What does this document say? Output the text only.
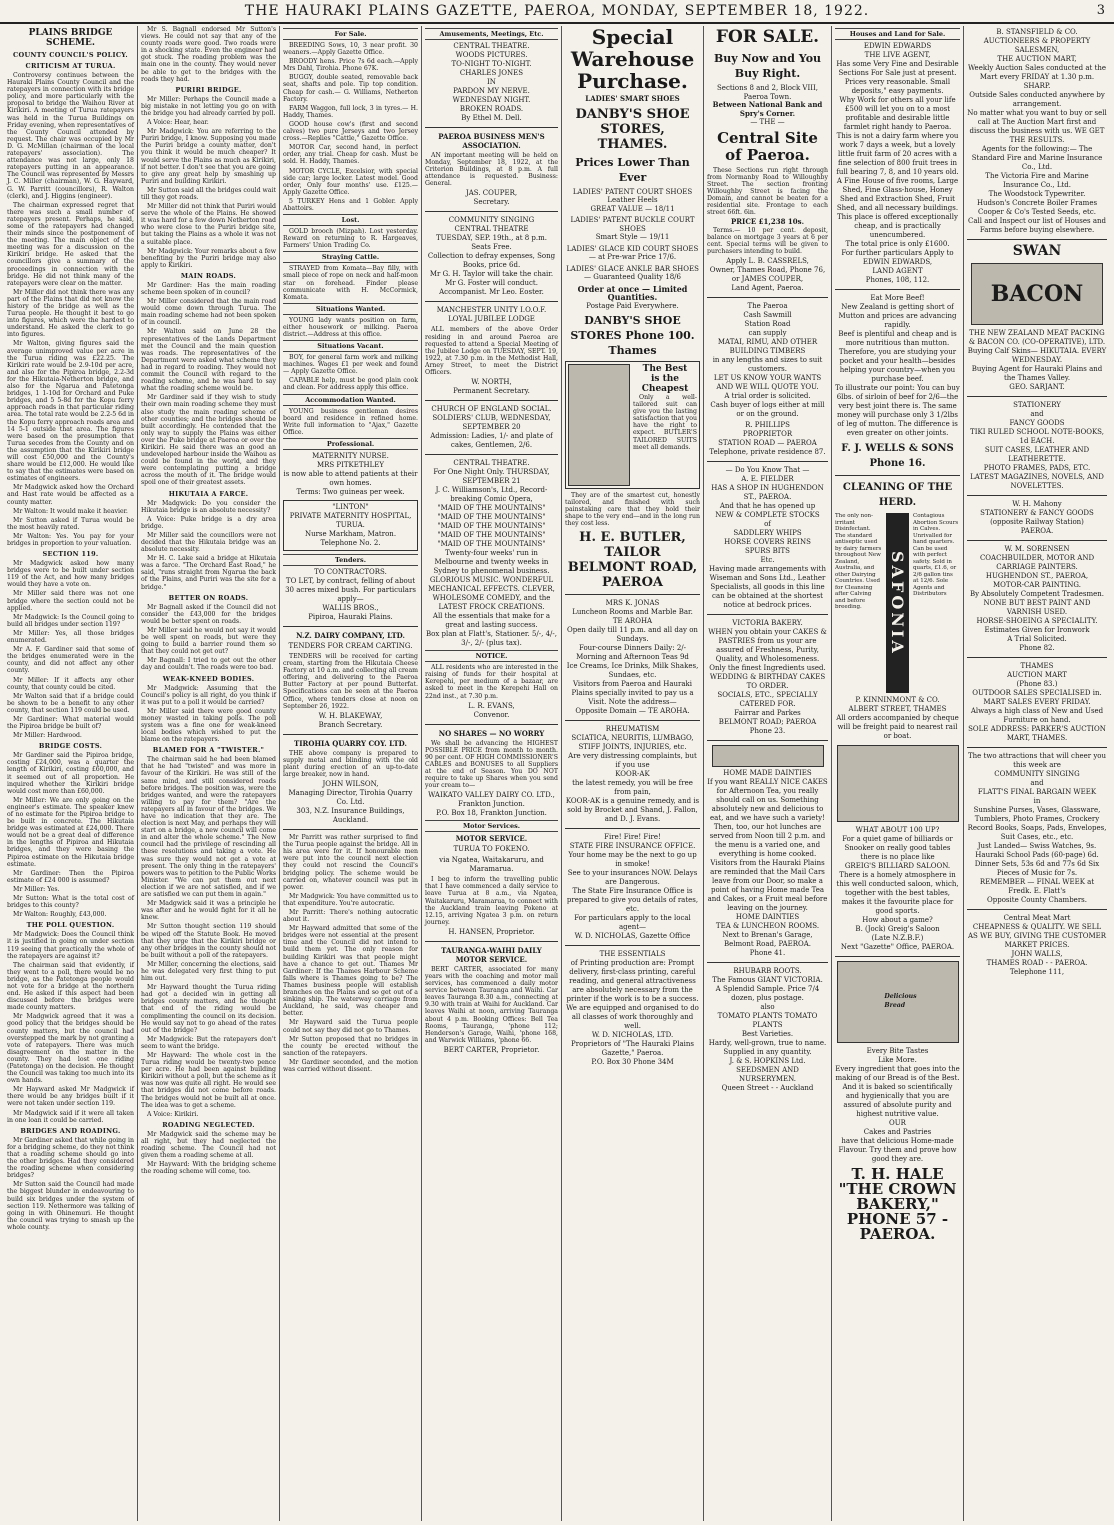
THE HAURAKI PLAINS GAZETTE, PAEROA, MONDAY, SEPTEMBER 18, 1922.	3
PLAINS BRIDGE SCHEME.
COUNTY COUNCIL'S POLICY.
CRITICISM AT TURUA.

Controversy continues between the Hauraki Plains County Council and the ratepayers in connection with its bridge policy, and more particularly with the proposal to bridge the Waihou River at Kirikiri. A meeting of Turua ratepayers was held in the Turua Buildings on Friday evening, when representatives of the County Council attended by request. The chair was occupied by Mr D. G. McMillan (chairman of the local ratepayers' association). The attendance was not large, only 18 ratepayers putting in an appearance. The Council was represented by Messrs J. C. Miller (chairman), W. G. Hayward, G. W. Parritt (councillors), R. Walton (clerk), and J. Higgins (engineer).

The chairman expressed regret that there was such a small number of ratepayers present. Perhaps, he said, some of the ratepayers had changed their minds since the postponement of the meeting. The main object of the meeting was for a discussion on the Kirikiri bridge. He asked that the councillors give a summary of the proceedings in connection with the bridge. He did not think many of the ratepayers were clear on the matter.

Mr Miller did not think there was any part of the Plains that did not know the history of the bridge as well as the Turua people. He thought it best to go into figures, which were the hardest to understand. He asked the clerk to go into figures.

Mr Walton, giving figures said the average unimproved value per acre in the Turua riding was £22.25. The Kirikiri rate would be 2.9-10d per acre, and also for the Pipiroa bridge, 2.2-3d for the Hikutaia-Netherton bridge, and also for the Ngarua and Patetonga bridges, 1 1-10d for Orchard and Puke bridges, and 5 5-8d for the Kopu ferry approach roads in that particular riding area. The total rate would be 2.2-5 6d in the Kopu ferry approach roads area and 14 5-1 outside that area. The figures were based on the presumption that Turua secedes from the County and on the assumption that the Kirikiri bridge will cost £50,000 and the County's share would be £12,000. He would like to say that the estimates were based on estimates of engineers.

Mr Madgwick asked how the Orchard and Hast rate would be affected as a county matter.

Mr Walton: It would make it heavier.

Mr Sutton asked if Turua would be the most heavily rated.

Mr Walton: Yes. You pay for your bridges in proportion to your valuation.

SECTION 119.

Mr Madgwick asked how many bridges were to be built under section 119 of the Act, and how many bridges would they have a vote on.

Mr Miller said there was not one bridge where the section could not be applied.

Mr Madgwick: Is the Council going to build all bridges under section 119?

Mr Miller: Yes, all those bridges enumerated.

Mr A. F. Gardiner said that some of the bridges enumerated were in the county, and did not affect any other county.

Mr Miller: If it affects any other county, that county could be cited.

Mr Walton said that if a bridge could be shown to be a benefit to any other county, that section 119 could be used.

Mr Gardiner: What material would the Pipiroa bridge be built of?

Mr Miller: Hardwood.

BRIDGE COSTS.

Mr Gardiner said the Pipiroa bridge, costing £24,000, was a quarter the length of Kirikiri, costing £60,000, and it seemed out of all proportion. He inquired whether the Kirikiri bridge would cost more than £60,000.

Mr Miller: We are only going on the engineer's estimate. The speaker knew of no estimate for the Pipiroa bridge to be built in concrete. The Hikutaia bridge was estimated at £24,000. There would not be a great deal of difference in the lengths of Pipiroa and Hikutaia bridges, and they were basing the Pipiroa estimate on the Hikutaia bridge estimate.

Mr Gardiner: Then the Pipiroa estimate of £24 000 is assumed?

Mr Miller: Yes.

Mr Sutton: What is the total cost of bridges to this county?

Mr Walton: Roughly, £43,000.

THE POLL QUESTION.

Mr Madgwick: Does the Council think it is justified in going on under section 119 seeing that practically the whole of the ratepayers are against it?

The chairman said that evidently, if they went to a poll, there would be no bridge, as the Patetonga people would not vote for a bridge at the northern end. He asked if this aspect had been discussed before the bridges were made county matters.

Mr Madgwick agreed that it was a good policy that the bridges should be county matters, but the council had overstepped the mark by not granting a vote of ratepayers. There was much disagreement on the matter in the county. They had lost one riding (Patetonga) on the decision. He thought the Council was taking too much into its own hands.

Mr Hayward asked Mr Madgwick if there would be any bridges built if it were not taken under section 119.

Mr Madgwick said if it were all taken in one loan it could be carried.

BRIDGES AND ROADING.

Mr Gardiner asked that while going in for a bridging scheme, do they not think that a roading scheme should go into the other bridges. Had they considered the roading scheme when considering bridges?

Mr Sutton said the Council had made the biggest blunder in endeavouring to build six bridges under the system of section 119. Nethermore was talking of going in with Ohinemuri. He thought the council was trying to smash up the whole county.

Mr S. Bagnall endorsed Mr Sutton's views. He could not say that any of the county roads were good. Two roads were in a shocking state. Even the engineer had got stuck. The roading problem was the main one in the county. They would never be able to get to the bridges with the roads they had.

PURIRI BRIDGE.

Mr Miller: Perhaps the Council made a big mistake in not letting you go on with the bridge you had already carried by poll.

A Voice: Hear, hear.

Mr Madgwick: You are referring to the Puriri bridge, I know. Supposing you made the Puriri bridge a county matter, don't you think it would be much cheaper? It would serve the Plains as much as Kirikiri, if not better. I don't see that you are going to give any great help by smashing up Puriri and building Kirikiri.

Mr Sutton said all the bridges could wait till they got roads.

Mr Miller did not think that Puriri would serve the whole of the Plains. He showed it was hard for a few down Netherton road who were close to the Puriri bridge site, but taking the Plains as a whole it was not a suitable place.

Mr Madgwick: Your remarks about a few benefiting by the Puriri bridge may also apply to Kirikiri.

MAIN ROADS.

Mr Gardiner: Has the main roading scheme been spoken of in council?

Mr Miller considered that the main road would come down through Turua. The main roading scheme had not been spoken of in council.

Mr Walton said on June 28 the representatives of the Lands Department met the Council and the main question was roads. The representatives of the Department were asked what scheme they had in regard to roading. They would not commit the Council with regard to the roading scheme, and he was hard to say what the roading scheme would be.

Mr Gardiner said if they wish to study their own main roading scheme they must also study the main roading scheme of other counties; and the bridges should be built accordingly. He contended that the only way to supply the Plains was either over the Puke bridge at Paeroa or over the Kirikiri. He said there was an good an undeveloped harbour inside the Waihou as could be found in the world, and they were contemplating putting a bridge across the mouth of it. The bridge would spoil one of their greatest assets.

HIKUTAIA A FARCE.

Mr Madgwick: Do you consider the Hikutaia bridge is an absolute necessity?

A Voice: Puke bridge is a dry area bridge.

Mr Miller said the councillors were not decided that the Hikutaia bridge was an absolute necessity.

Mr H. C. Lake said a bridge at Hikutaia was a farce. "The Orchard East Road," he said, "runs straight from Ngarua the back of the Plains, and Puriri was the site for a bridge."

BETTER ON ROADS.

Mr Bagnall asked if the Council did not consider the £43,000 for the bridges would be better spent on roads.

Mr Miller said he would not say it would be well spent on roads, but were they going to build a barrier round them so that they could not get out?

Mr Bagnall: I tried to get out the other day and couldn't. The roads were too bad.

WEAK-KNEED BODIES.

Mr Madgwick: Assuming that the Council's policy is all right, do you think if it was put to a poll it would be carried?

Mr Miller said there were good county money wasted in taking polls. The poll system was a fine one for weak-kneed local bodies which wished to put the blame on the ratepayers.

BLAMED FOR A "TWISTER."

The chairman said he had been blamed that he had "twisted" and was more in favour of the Kirikiri. He was still of the same mind, and still considered roads before bridges. The position was, were the bridges wanted, and were the ratepayers willing to pay for them? "Are the ratepayers all in favour of the bridges. We have no indication that they are. The election is next May, and perhaps they will start on a bridge, a new council will come in and alter the whole scheme." The New council had the privilege of rescinding all these resolutions and taking a vote. He was sure they would not get a vote at present. The only thing in the ratepayers' powers was to petition to the Public Works Minister. "We can put them out next election if we are not satisfied, and if we are satisfied we can put them in again."

Mr Madgwick said it was a principle he was after and he would fight for it all he knew.

Mr Sutton thought section 119 should be wiped off the Statute Book. He moved that they urge that the Kirikiri bridge or any other bridges in the county should not be built without a poll of the ratepayers.

Mr Miller, concerning the elections, said he was delegated very first thing to put him out.

Mr Hayward thought the Turua riding had got a decided win in getting all bridges county matters, and he thought that end of the riding would be complimenting the council on its decision. He would say not to go ahead of the rates out of the bridge?

Mr Madgwick: But the ratepayers don't seem to want the bridge.

Mr Hayward: The whole cost in the Turua riding would be twenty-two pence per acre. He had been against building Kirikiri without a poll, but the scheme as it was now was quite all right. He would see that bridges did not come before roads. The bridges would not be built all at once. The idea was to get a scheme.

A Voice: Kirikiri.

ROADING NEGLECTED.

Mr Madgwick said the scheme may be all right, but they had neglected the roading scheme. The Council had not given them a roading scheme at all.

Mr Hayward: With the bridging scheme the roading scheme will come, too.

For Sale.

BREEDING Sows, 10, 3 near profit. 30 weaners.—Apply Gazette Office.

BROODY hens. Price 7s 6d each.—Apply Mrs Dahl, Tirohia. Phone 67K.

BUGGY, double seated, removable back seat, shafts and pole. Tip top condition. Cheap for cash.— G. Williams, Netherton Factory.

FARM Waggon, full lock, 3 in tyres.— H. Haddy, Thames.

GOOD house cow's (first and second calves) two pure Jerseys and two Jersey cross.—Replies "Cattle," Gazette Office.

MOTOR Car, second hand, in perfect order, any trial. Cheap for cash. Must be sold. H. Haddy, Thames.

MOTOR CYCLE, Excelsior, with special side car; large locker. Latest model. Good order, Only four months' use. £125.—Apply Gazette Office.

5 TURKEY Hens and 1 Gobler. Apply Abattoirs.

Lost.

GOLD brooch (Mizpah). Lost yesterday. Reward on returning to R. Hargeaves, Farmers' Union Trading Co.

Straying Cattle.

STRAYED from Komata—Bay filly, with small piece of rope on neck and half-moon star on forehead. Finder please communicate with H. McCormick, Komata.

Situations Wanted.

YOUNG lady wants position on farm, either housework or milking. Paeroa district.—Address at this office.

Situations Vacant.

BOY, for general farm work and milking machines. Wages £1 per week and found — Apply Gazette Office.

CAPABLE help, must be good plain cook and clean. For address apply this office.

Accommodation Wanted.

YOUNG business gentleman desires board and residence in refined home. Write full information to "Ajax," Gazette Office.

Professional.
MATERNITY NURSE.
MRS PITKETHLEY
is now able to attend patients at their own homes.
Terms: Two guineas per week.
"LINTON"
PRIVATE MATERNITY HOSPITAL,
TURUA.
Nurse Markham, Matron.
Telephone No. 2.
Tenders.
TO CONTRACTORS.
TO LET, by contract, felling of about 30 acres mixed bush. For particulars apply—
WALLIS BROS.,
Pipiroa, Hauraki Plains.
N.Z. DAIRY COMPANY, LTD.
TENDERS FOR CREAM CARTING.

TENDERS will be received for carting cream, starting from the Hikutaia Cheese Factory at 10 a.m. and collecting all cream offering, and delivering to the Paeroa Butter Factory at per pound Butterfat. Specifications can be seen at the Paeroa Office, where tenders close at noon on September 26, 1922.

W. H. BLAKEWAY,
Branch Secretary.
TIROHIA QUARRY COY. LTD.

THE above company is prepared to supply metal and blinding with the old plant during erection of an up-to-date large breaker, now in hand.

JOHN WILSON,
Managing Director, Tirohia Quarry Co. Ltd.
303, N.Z. Insurance Buildings, Auckland.

Mr Parritt was rather surprised to find the Turua people against the bridge. All in his area were for it. If honourable men were put into the council next election they could not rescind the Council's bridging policy. The scheme would be carried on, whatever council was put in power.

Mr Madgwick: You have committed us to that expenditure. You're autocratic.

Mr Parritt: There's nothing autocratic about it.

Mr Hayward admitted that some of the bridges were not essential at the present time and the Council did not intend to build them yet. The only reason for building Kirikiri was that people might have a chance to get out. Thames Mr Gardiner: If the Thames Harbour Scheme falls where is Thames going to be? The Thames business people will establish branches on the Plains and so get out of a sinking ship. The waterway carriage from Auckland, he said, was cheaper and better.

Mr Hayward said the Turua people could not say they did not go to Thames.

Mr Sutton proposed that no bridges in the county be erected without the sanction of the ratepayers.

Mr Gardiner seconded, and the motion was carried without dissent.

Amusements, Meetings, Etc.
CENTRAL THEATRE.
WOODS PICTURES.
TO-NIGHT TO-NIGHT.
CHARLES JONES
IN
PARDON MY NERVE.
WEDNESDAY NIGHT.
BROKEN ROADS.
By Ethel M. Dell.
PAEROA BUSINESS MEN'S ASSOCIATION.

AN important meeting will be held on Monday, September 18, 1922, at the Criterion Buildings, at 8 p.m. A full attendance is requested. Business: General.

JAS. COUPER,
Secretary.
COMMUNITY SINGING
CENTRAL THEATRE
TUESDAY, SEP. 19th., at 8 p.m.
Seats Free.
Collection to defray expenses, Song Books, price 6d.
Mr G. H. Taylor will take the chair. Mr G. Foster will conduct. Accompanist. Mr Leo. Eoster.
MANCHESTER UNITY I.O.O.F.
LOYAL JUBILEE LODGE

ALL members of the above Order residing in and around Paeroa are requested to attend a Special Meeting of the Jubilee Lodge on TUESDAY, SEPT. 19, 1922, at 7.30 p.m. in the Methodist Hall, Arney Street, to meet the District Officers.

W. NORTH,
Permanent Secretary.
CHURCH OF ENGLAND SOCIAL.
SOLDIERS' CLUB, WEDNESDAY, SEPTEMBER 20
Admission: Ladies, 1/- and plate of cakes, Gentlemen, 2/6.
CENTRAL THEATRE.
For One Night Only. THURSDAY, SEPTEMBER 21
J. C. Williamson's, Ltd., Record-breaking Comic Opera,
"MAID OF THE MOUNTAINS"
"MAID OF THE MOUNTAINS"
"MAID OF THE MOUNTAINS"
"MAID OF THE MOUNTAINS"
"MAID OF THE MOUNTAINS"
Twenty-four weeks' run in Melbourne and twenty weeks in Sydney to phenomenal business.
GLORIOUS MUSIC. WONDERFUL MECHANICAL EFFECTS. CLEVER, WHOLESOME COMEDY, and the LATEST FROCK CREATIONS.
All the essentials that make for a great and lasting success.
Box plan at Flatt's, Stationer. 5/-, 4/-, 3/-, 2/- (plus tax).
NOTICE.

ALL residents who are interested in the raising of funds for their hospital at Kerepehi, per medium of a bazaar, are asked to meet in the Kerepehi Hall on 22nd inst., at 7.30 p.m.

L. R. EVANS,
Convenor.
NO SHARES — NO WORRY

We shall be advancing the HIGHEST POSSIBLE PRICE from month to month. 90 per cent. OF HIGH COMMISSIONER'S CABLES and BONUSES to all Suppliers at the end of Season. You DO NOT require to take up Shares when you send your cream to—

WAIKATO VALLEY DAIRY CO. LTD.,
Frankton Junction.
P.O. Box 18, Frankton Junction.
Motor Services.
MOTOR SERVICE.
TURUA TO FOKENO.
via Ngatea, Waitakaruru, and Maramarua.

I beg to inform the travelling public that I have commenced a daily service to leave Turua at 8 a.m., via Ngatea, Waitakaruru, Maramarua, to connect with the Auckland train leaving Pokeno at 12.15, arriving Ngatea 3 p.m. on return journey.

H. HANSEN, Proprietor.
TAURANGA-WAIHI DAILY MOTOR SERVICE.

BERT CARTER, associated for many years with the coaching and motor mail services, has commenced a daily motor service between Tauranga and Waihi. Car leaves Tauranga 8.30 a.m., connecting at 9.30 with train at Waihi for Auckland. Car leaves Waihi at noon, arriving Tauranga about 4 p.m. Booking Offices: Bell Tea Rooms, Tauranga, 'phone 112; Henderson's Garage, Waihi, 'phone 168, and Warwick Williams, 'phone 66.

BERT CARTER, Proprietor.
Special Warehouse
Purchase.
LADIES' SMART SHOES
DANBY'S SHOE
STORES,
THAMES.
Prices Lower Than Ever
LADIES' PATENT COURT SHOES
Leather Heels
GREAT VALUE — 18/11
LADIES' PATENT BUCKLE COURT SHOES
Smart Style — 19/11
LADIES' GLACE KID COURT SHOES— at Pre-war Price 17/6.
LADIES' GLACE ANKLE BAR SHOES — Guaranteed Quality 18/6
Order at once — Limited Quantities.
Postage Paid Everywhere.
DANBY'S SHOE STORES Phone 100. Thames
The Best
is the
Cheapest

Only a well-tailored suit can give you the lasting satisfaction that you have the right to expect. BUTLER'S TAILORED SUITS meet all demands.

They are of the smartest cut, honestly tailored, and finished with such painstaking care that they hold their shape to the very end—and in the long run they cost less.

H. E. BUTLER,
TAILOR
BELMONT ROAD, PAEROA
MRS K. JONAS
Luncheon Rooms and Marble Bar.
TE AROHA
Open daily till 11 p.m. and all day on Sundays.
Four-course Dinners Daily: 2/-
Morning and Afternoon Teas 9d
Ice Creams, Ice Drinks, Milk Shakes, Sundaes, etc.
Visitors from Paeroa and Hauraki Plains specially invited to pay us a Visit. Note the address—
Opposite Domain — TE AROHA.
RHEUMATISM
SCIATICA, NEURITIS, LUMBAGO, STIFF JOINTS, INJURIES, etc.
Are very distressing complaints, but if you use
KOOR-AK
the latest remedy, you will be free from pain,
KOOR-AK is a genuine remedy, and is sold by Brocket and Shand, J. Fallon, and D. J. Evans.
Fire! Fire! Fire!
STATE FIRE INSURANCE OFFICE.
Your home may be the next to go up in smoke!
See to your insurances NOW. Delays are Dangerous.
The State Fire Insurance Office is prepared to give you details of rates, etc.
For particulars apply to the local agent—
W. D. NICHOLAS, Gazette Office
THE ESSENTIALS
of Printing production are: Prompt delivery, first-class printing, careful reading, and general attractiveness are absolutely necessary from the printer if the work is to be a success.
We are equipped and organised to do all classes of work thoroughly and well.
W. D. NICHOLAS, LTD.
Proprietors of "The Hauraki Plains Gazette," Paeroa.
P.O. Box 30 Phone 34M
FOR SALE.
Buy Now and You
Buy Right.
Sections 8 and 2, Block VIII, Paeroa Town.
Between National Bank and Spry's Corner.
— THE —
Central Site
of Paeroa.

These Sections run right through from Normanby Road to Willoughby Street. The section fronting Willoughby Street is facing the Domain, and cannot be beaten for a residential site. Frontage to each street 66ft. 6in.

PRICE £1,238 10s.

Terms.— 10 per cent. deposit, balance on mortgage 3 years at 6 per cent. Special terms will be given to purchasers intending to build.

Apply L. B. CASSRELS,
Owner, Thames Road, Phone 76,
or JAMES COUPER,
Land Agent, Paeroa.
The Paeroa
Cash Sawmill
Station Road
can supply
MATAI, RIMU, AND OTHER BUILDING TIMBERS
in any lengths and sizes to suit customers.
LET US KNOW YOUR WANTS AND WE WILL QUOTE YOU.
A trial order is solicited.
Cash buyer of logs either at mill or on the ground.
R. PHILLIPS
PROPRIETOR
STATION ROAD — PAEROA
Telephone, private residence 87.
— Do You Know That —
A. E. FIELDER
HAS A SHOP IN HUGHENDON ST., PAEROA.
And that he has opened up
NEW & COMPLETE STOCKS
of
SADDLERY WHIPS
HORSE COVERS REINS
SPURS BITS
Etc.
Having made arrangements with Wiseman and Sons Ltd., Leather Specialists, all goods in this line can be obtained at the shortest notice at bedrock prices.
VICTORIA BAKERY.
WHEN you obtain your CAKES & PASTRIES from us your are assured of Freshness, Purity, Quality, and Wholesomeness.
Only the finest Ingredients used.
WEDDING & BIRTHDAY CAKES TO ORDER.
SOCIALS, ETC., SPECIALLY CATERED FOR.
Fairrar and Parkes
BELMONT ROAD; PAEROA
Phone 23.
HOME MADE DAINTIES
If you want REALLY NICE CAKES for Afternoon Tea, you really should call on us. Something absolutely new and delicious to eat, and we have such a variety!
Then, too, our hot lunches are served from Noon till 2 p.m. and the menu is a varied one, and everything is home cooked.
Visitors from the Hauraki Plains are reminded that the Mail Cars leave from our Door, so make a point of having Home made Tea and Cakes, or a Fruit meal before leaving on the journey.
HOME DAINTIES
TEA & LUNCHEON ROOMS.
Next to Brenan's Garage, Belmont Road, PAEROA.
Phone 41.
RHUBARB ROOTS.
The Famous GIANT VICTORIA.
A Splendid Sample. Price 7/4 dozen, plus postage.
also
TOMATO PLANTS TOMATO PLANTS
Best Varieties.
Hardy, well-grown, true to name. Supplied in any quantity.
J. & S. HOPKINS Ltd.
SEEDSMEN AND NURSERYMEN.
Queen Street - - Auckland
Houses and Land for Sale.
EDWIN EDWARDS
THE LIVE AGENT,
Has some Very Fine and Desirable Sections For Sale just at present. Prices very reasonable. Small deposits," easy payments.
Why Work for others all your life
£500 will let you on to a most profitable and desirable little farmlet right handy to Paeroa.
This is not a dairy farm where you work 7 days a week, but a lovely little fruit farm of 20 acres with a fine selection of 800 fruit trees in full bearing 7, 8, and 10 years old.
A Fine House of five rooms, Large Shed, Fine Glass-house, Honey Shed and Extraction Shed, Fruit Shed, and all necessary buildings.
This place is offered exceptionally cheap, and is practically unencumbered.
The total price is only £1600.
For further particulars Apply to
EDWIN EDWARDS,
LAND AGENT
Phones, 108, 112.
Eat More Beef!
New Zealand is getting short of Mutton and prices are advancing rapidly.
Beef is plentiful and cheap and is more nutritious than mutton. Therefore, you are studying your pocket and your health—besides helping your country—when you purchase beef.
To illustrate our point: You can buy 6lbs. of sirloin of beef for 2/6—the very best joint there is. The same money will purchase only 3 1/2lbs of leg of mutton. The difference is even greater on other joints.
F. J. WELLS & SONS
Phone 16.
CLEANING OF THE HERD.
The only non-irritant Disinfectant. The standard antiseptic used by dairy farmers throughout New Zealand, Australia, and other Dairying Countries. Used for Cleansing after Calving and before breeding.	SAFONIA
Contagious Abortion Scours in Calves. Unrivalled for hand quarters. Can be used with perfect safety. Sold in quarts, £1.6, or 2/6 gallon tins at 12/6. Sole Agents and Distributors
P. KINNINMONT & CO.
ALBERT STREET, THAMES
All orders accompanied by cheque will be freight paid to nearest rail or boat.
WHAT ABOUT 100 UP?
For a quiet game of billiards or Snooker on really good tables there is no place like
GREIG'S BILLIARD SALOON.
There is a homely atmosphere in this well conducted saloon, which, together with the best tables, makes it the favourite place for good sports.
How about a game?
B. (Jock) Greig's Saloon
(Late N.Z.B.F.)
Next "Gazette" Office, PAEROA.

Delicious

Bread

Every Bite Tastes
Like More.
Every ingredient that goes into the making of our Bread is of the Best. And it is baked so scientifically and hygienically that you are assured of absolute purity and highest nutritive value.
OUR
Cakes and Pastries
have that delicious Home-made Flavour. Try them and prove how good they are.
T. H. HALE
"THE CROWN BAKERY,"
PHONE 57 - PAEROA.
B. STANSFIELD & CO.
AUCTIONEERS & PROPERTY SALESMEN,
THE AUCTION MART,
Weekly Auction Sales conducted at the Mart every FRIDAY at 1.30 p.m. SHARP.
Outside Sales conducted anywhere by arrangement.
No matter what you want to buy or sell call at The Auction Mart first and discuss the business with us. WE GET THE RESULTS.
Agents for the following:— The Standard Fire and Marine Insurance Co., Ltd.
The Victoria Fire and Marine Insurance Co., Ltd.
The Woodstock Typewriter.
Hudson's Concrete Boiler Frames Cooper & Co's Tested Seeds, etc.
Call and Inspect our list of Houses and Farms before buying elsewhere.
SWAN
BACON
THE NEW ZEALAND MEAT PACKING & BACON CO. (CO-OPERATIVE), LTD.
Buying Calf Skins— HIKUTAIA. EVERY WEDNESDAY.
Buying Agent for Hauraki Plains and the Thames Valley.
GEO. SARJANT.
STATIONERY
and
FANCY GOODS
TIKI RULED SCHOOL NOTE-BOOKS, 1d EACH.
SUIT CASES, LEATHER AND LEATHERETTE.
PHOTO FRAMES, PADS, ETC.
LATEST MAGAZINES, NOVELS, AND NOVELETTES.
W. H. Mahony
STATIONERY & FANCY GOODS
(opposite Railway Station)
PAEROA.
W. M. SORENSEN
COACHBUILDER, MOTOR AND CARRIAGE PAINTERS.
HUGHENDON ST., PAEROA,
MOTOR-CAR PAINTING.
By Absolutely Competent Tradesmen.
NONE BUT BEST PAINT AND VARNISH USED.
HORSE-SHOEING A SPECIALITY.
Estimates Given for Ironwork
A Trial Solicited.
Phone 82.
THAMES
AUCTION MART
(Phone 83.)
OUTDOOR SALES SPECIALISED in.
MART SALES EVERY FRIDAY.
Always a high class of New and Used Furniture on hand.
SOLE ADDRESS: PARKER'S AUCTION MART, THAMES.
The two attractions that will cheer you this week are
COMMUNITY SINGING
and
FLATT'S FINAL BARGAIN WEEK
in
Sunshine Purses, Vases, Glassware, Tumblers, Photo Frames, Crockery Record Books, Soaps, Pads, Envelopes, Suit Cases, etc., etc.
Just Landed— Swiss Watches, 9s.
Hauraki School Pads (60-page) 6d. Dinner Sets, 53s 6d and 77s 6d Six Pieces of Music for 7s.
REMEMBER — FINAL WEEK at
Fredk. E. Flatt's
Opposite County Chambers.
Central Meat Mart
CHEAPNESS & QUALITY. WE SELL AS WE BUY, GIVING THE CUSTOMER MARKET PRICES.
JOHN WALLS,
THAMES ROAD - - PAEROA.
Telephone 111,
